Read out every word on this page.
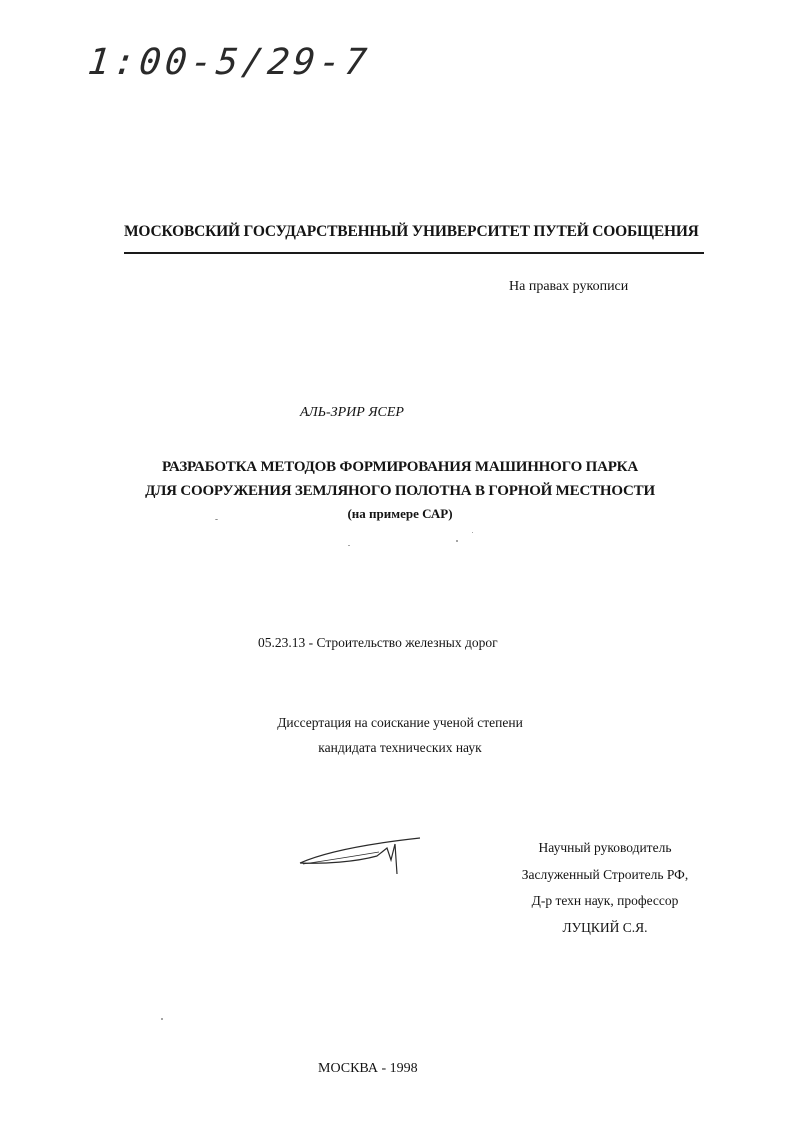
1:00-5/29-7
МОСКОВСКИЙ ГОСУДАРСТВЕННЫЙ УНИВЕРСИТЕТ ПУТЕЙ СООБЩЕНИЯ
На правах рукописи
АЛЬ-ЗРИР ЯСЕР
РАЗРАБОТКА МЕТОДОВ ФОРМИРОВАНИЯ МАШИННОГО ПАРКА
ДЛЯ СООРУЖЕНИЯ ЗЕМЛЯНОГО ПОЛОТНА В ГОРНОЙ МЕСТНОСТИ
(на примере САР)
05.23.13 - Строительство железных дорог
Диссертация на соискание ученой степени
кандидата технических наук
Научный руководитель
Заслуженный Строитель РФ,
Д-р техн наук, профессор
ЛУЦКИЙ С.Я.
МОСКВА - 1998
